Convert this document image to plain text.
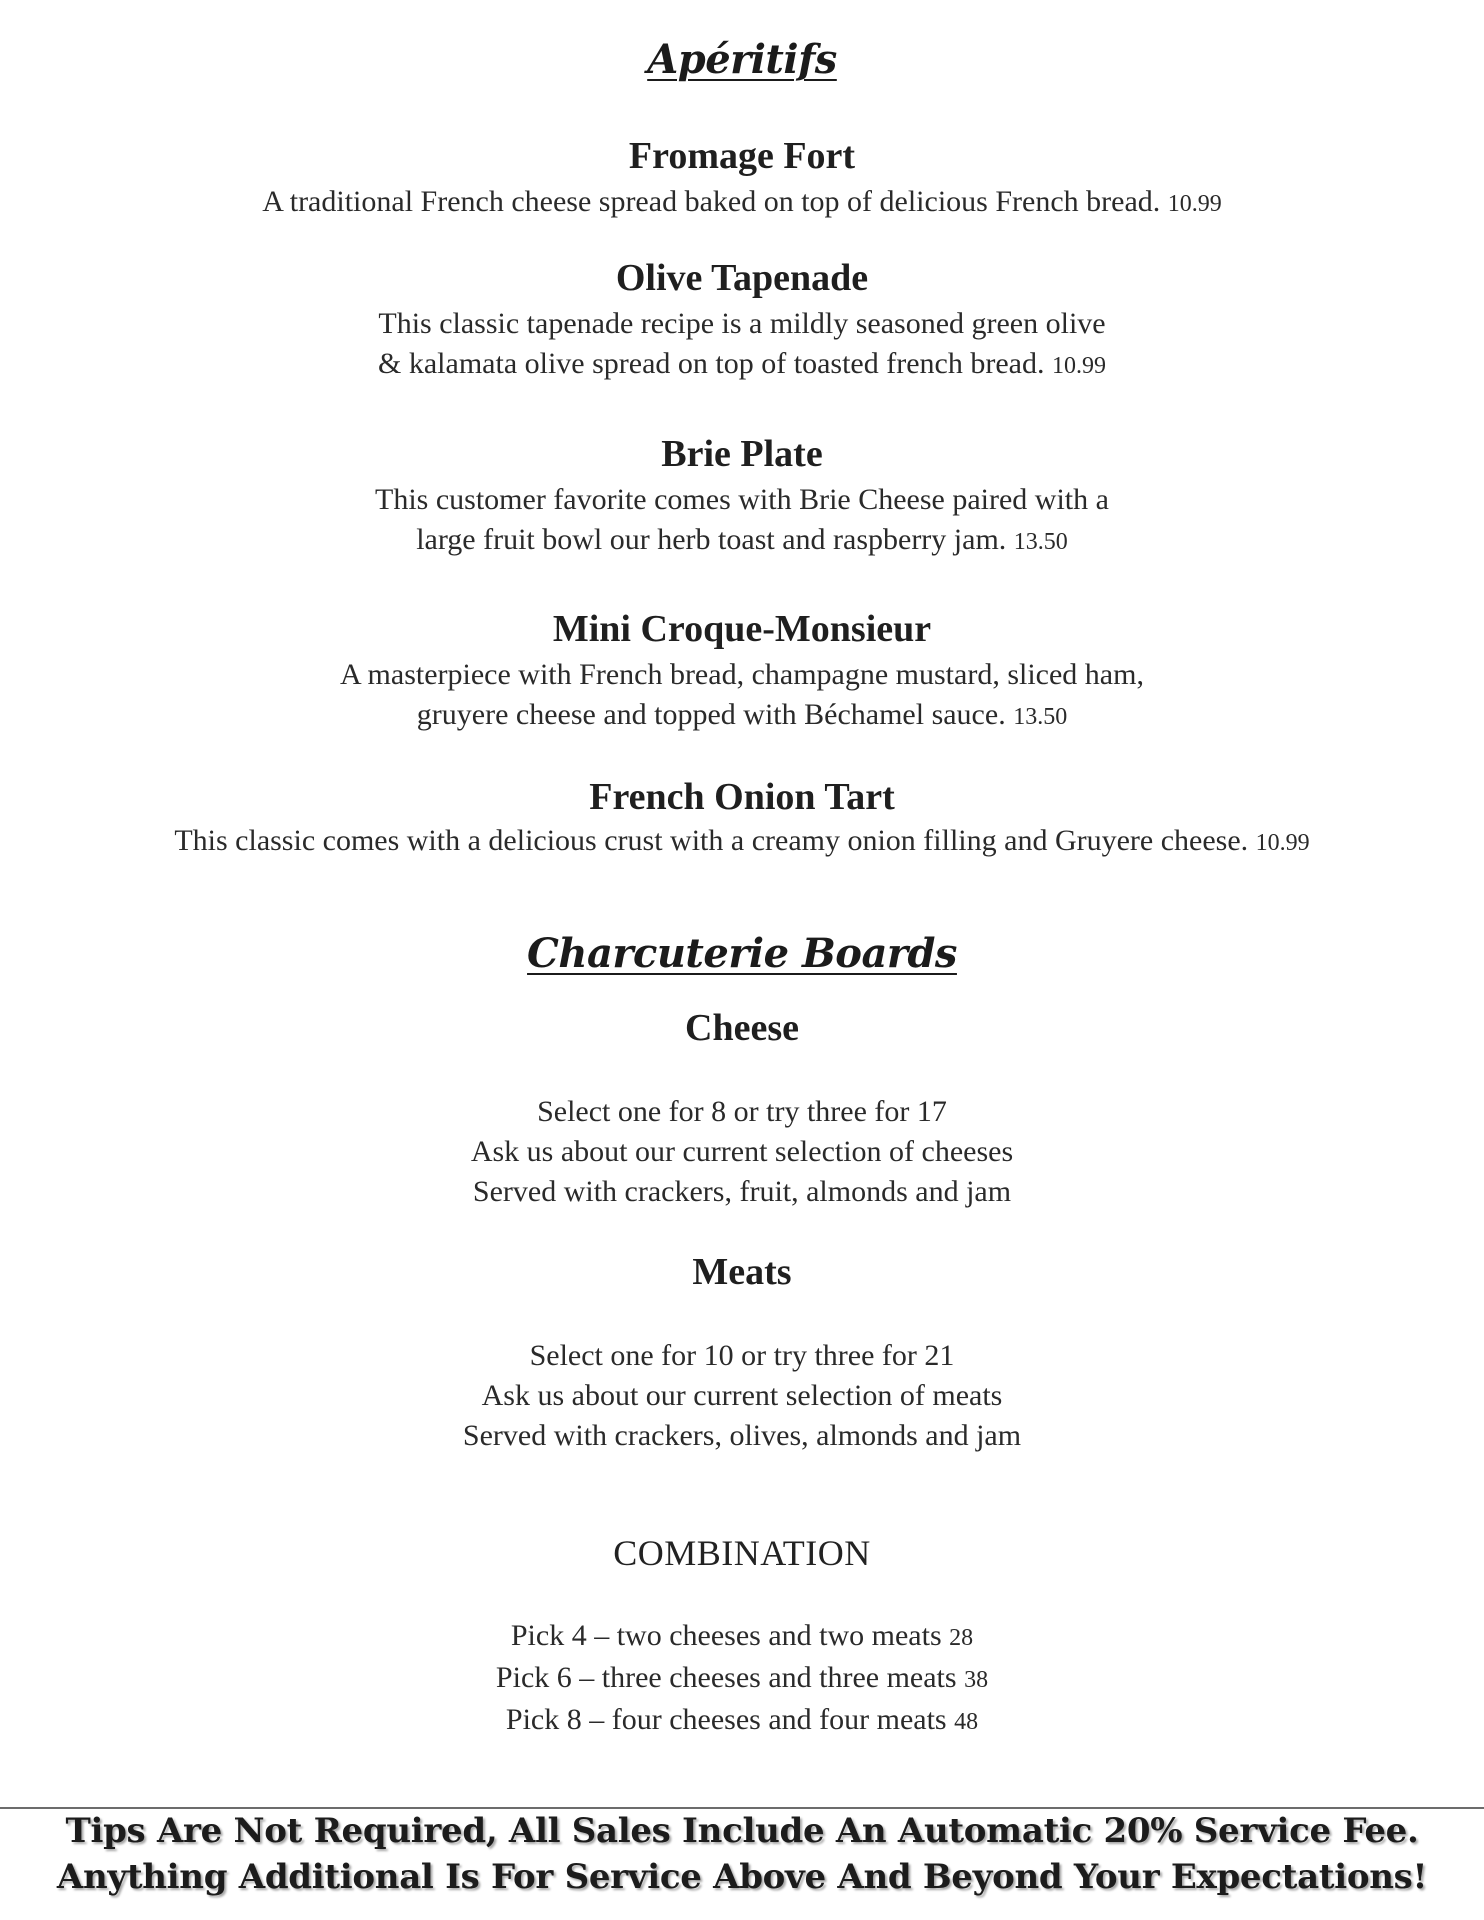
Apéritifs
Fromage Fort
A traditional French cheese spread baked on top of delicious French bread. 10.99
Olive Tapenade
This classic tapenade recipe is a mildly seasoned green olive
& kalamata olive spread on top of toasted french bread. 10.99
Brie Plate
This customer favorite comes with Brie Cheese paired with a
large fruit bowl our herb toast and raspberry jam. 13.50
Mini Croque-Monsieur
A masterpiece with French bread, champagne mustard, sliced ham,
gruyere cheese and topped with Béchamel sauce. 13.50
French Onion Tart
This classic comes with a delicious crust with a creamy onion filling and Gruyere cheese. 10.99
Charcuterie Boards
Cheese
Select one for 8 or try three for 17
Ask us about our current selection of cheeses
Served with crackers, fruit, almonds and jam
Meats
Select one for 10 or try three for 21
Ask us about our current selection of meats
Served with crackers, olives, almonds and jam
COMBINATION
Pick 4 – two cheeses and two meats 28
Pick 6 – three cheeses and three meats 38
Pick 8 – four cheeses and four meats 48
Tips Are Not Required, All Sales Include An Automatic 20% Service Fee.
Anything Additional Is For Service Above And Beyond Your Expectations!
